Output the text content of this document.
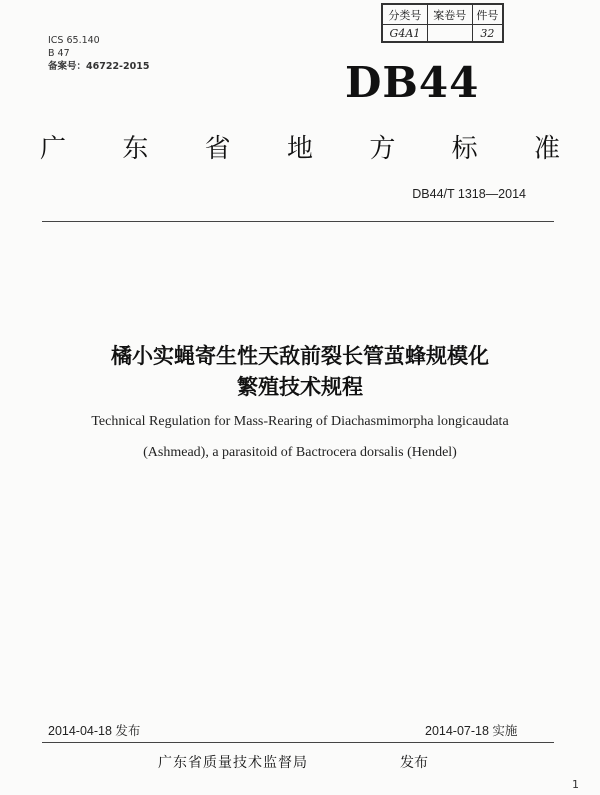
分类号	案卷号	件号
G4A1		32
ICS 65.140
B 47
备案号：46722-2015	DB44
广 东 省 地 方 标 准
DB44/T 1318—2014
橘小实蝇寄生性天敌前裂长管茧蜂规模化
繁殖技术规程
Technical Regulation for Mass-Rearing of Diachasmimorpha longicaudata
(Ashmead), a parasitoid of Bactrocera dorsalis (Hendel)
2014-04-18 发布	2014-07-18 实施
广东省质量技术监督局	发布
1
